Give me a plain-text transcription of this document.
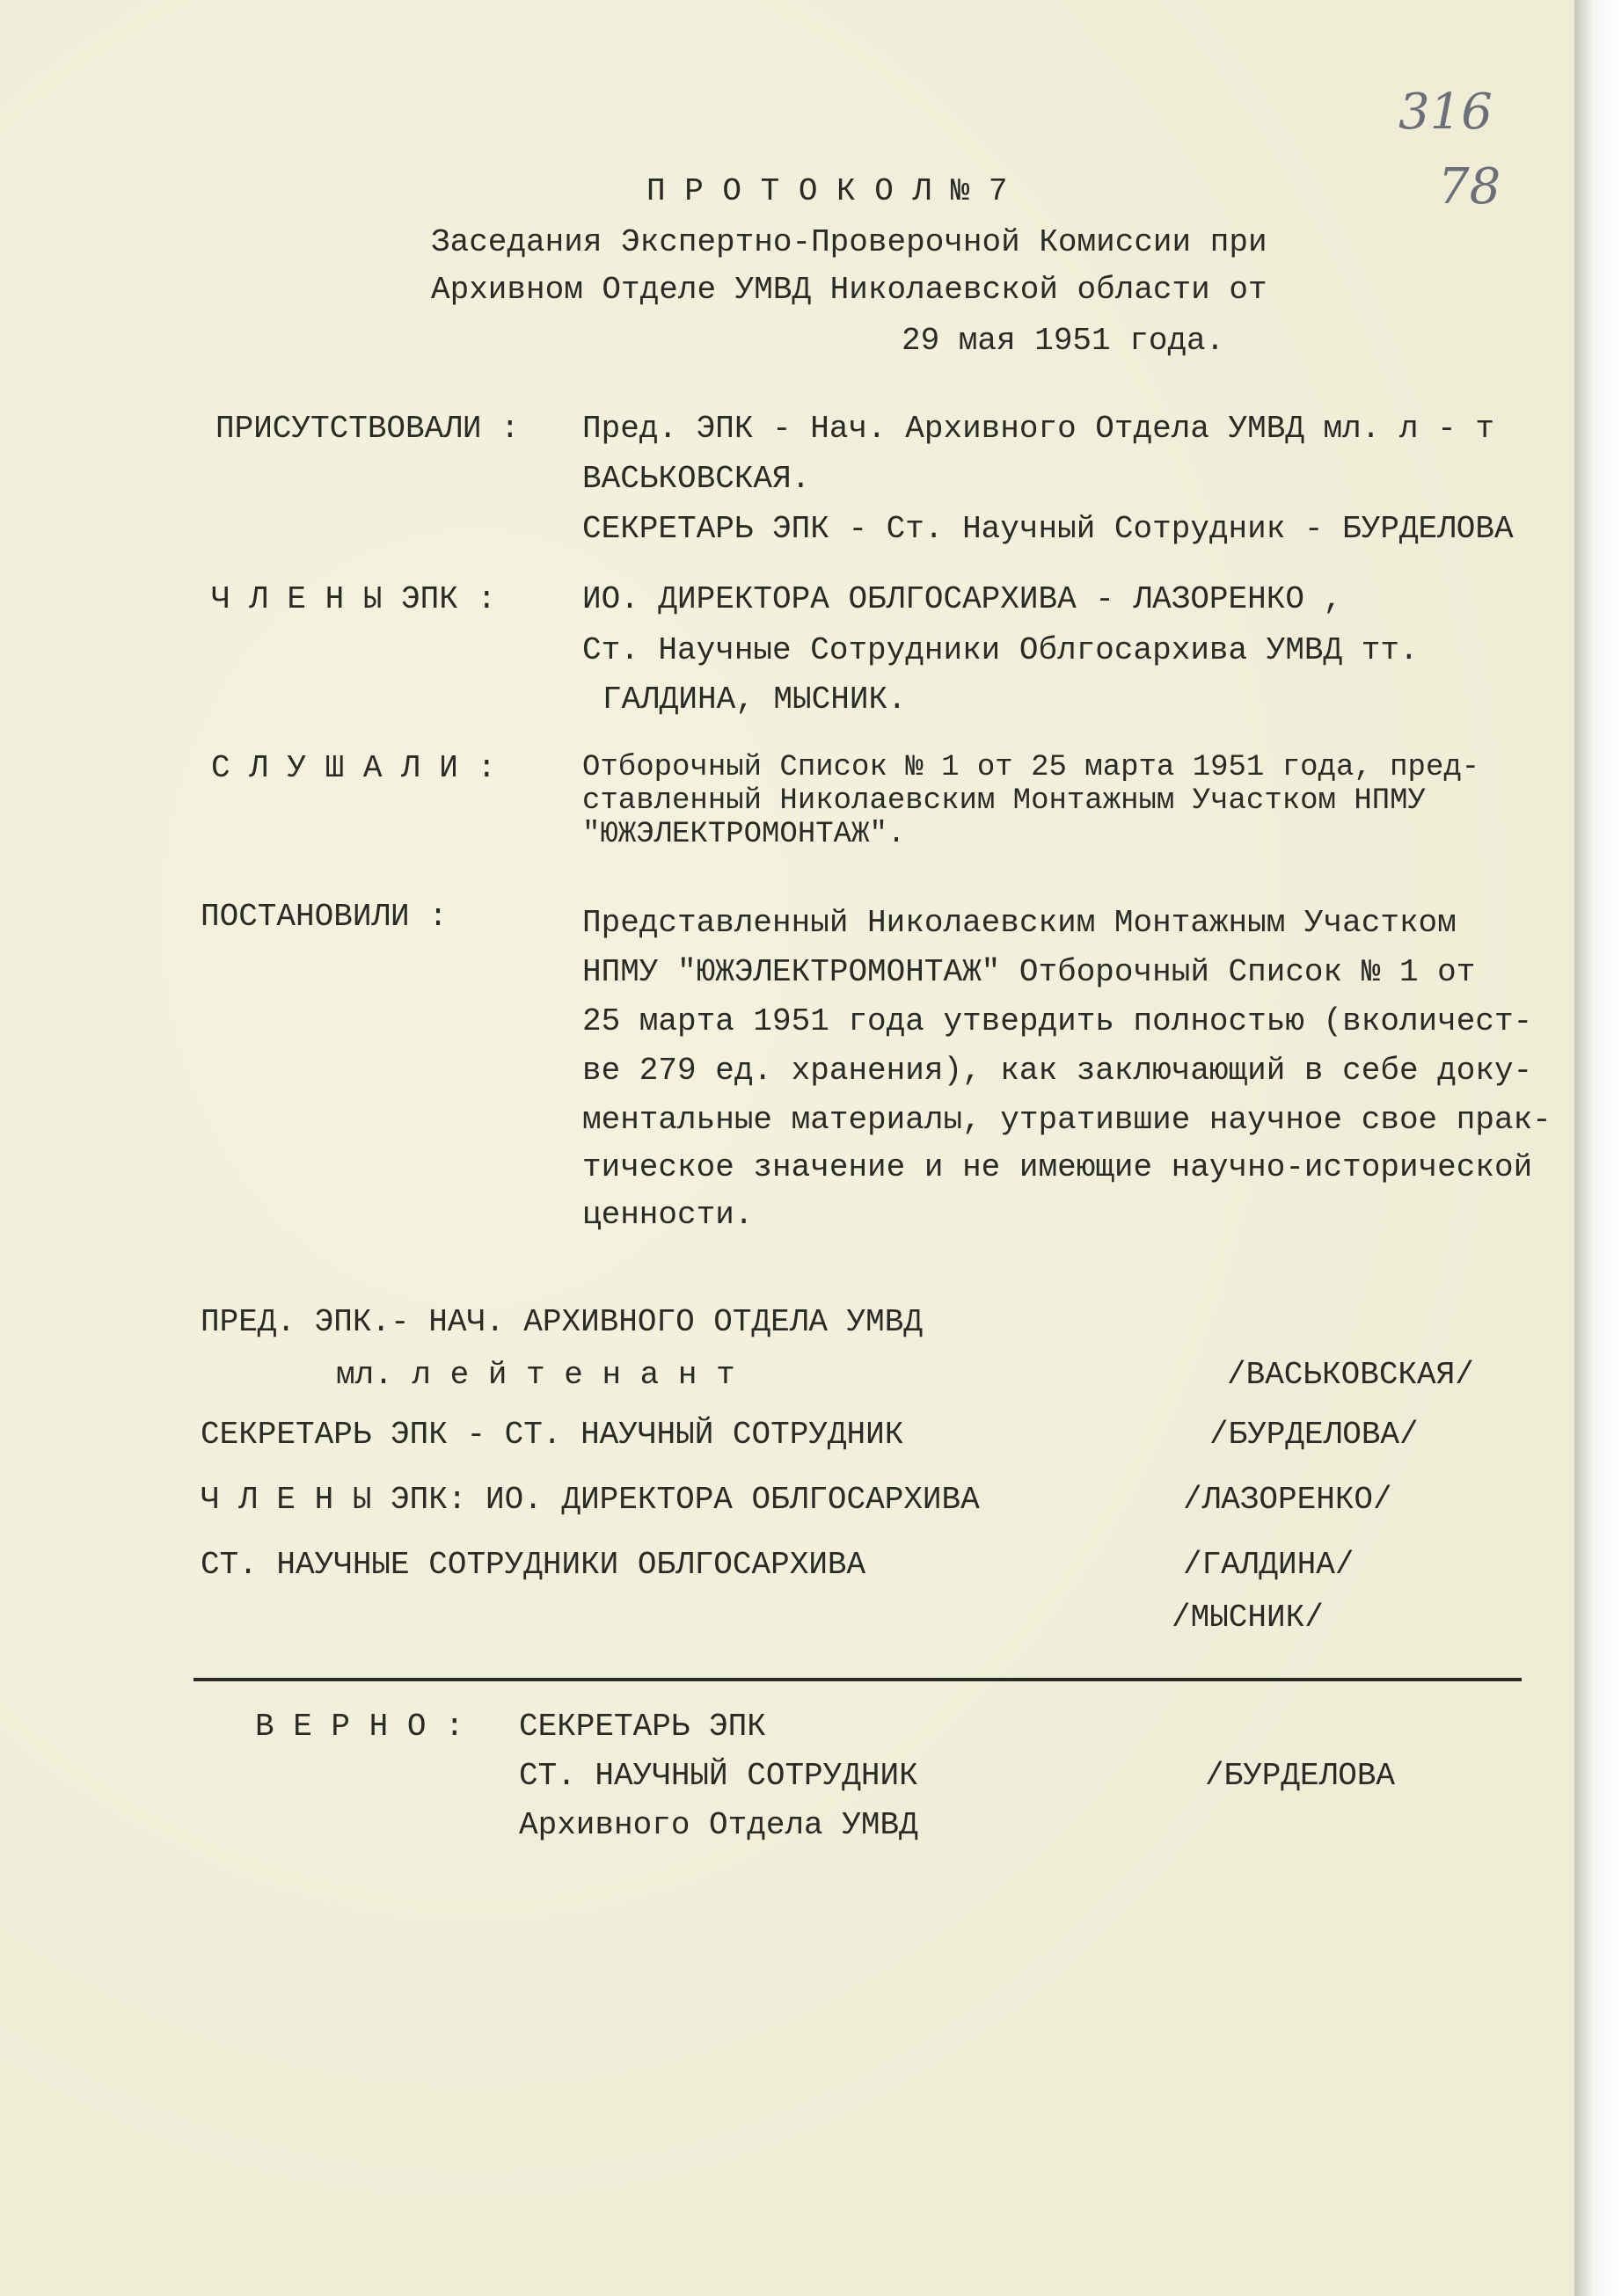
316
78
П Р О Т О К О Л № 7
Заседания Экспертно-Проверочной Комиссии при
Архивном Отделе УМВД Николаевской области от
29 мая 1951 года.
ПРИСУТСТВОВАЛИ : Пред. ЭПК - Нач. Архивного Отдела УМВД мл. л - т
ВАСЬКОВСКАЯ.
СЕКРЕТАРЬ ЭПК - Ст. Научный Сотрудник - БУРДЕЛОВА
Ч Л Е Н Ы ЭПК :	ИО. ДИРЕКТОРА ОБЛГОСАРХИВА - ЛАЗОРЕНКО ,
Ст. Научные Сотрудники Облгосархива УМВД тт.
ГАЛДИНА, МЫСНИК.
С Л У Ш А Л И :	Отборочный Список № 1 от 25 марта 1951 года, пред-
ставленный Николаевским Монтажным Участком НПМУ
"ЮЖЭЛЕКТРОМОНТАЖ".
ПОСТАНОВИЛИ :	Представленный Николаевским Монтажным Участком
НПМУ "ЮЖЭЛЕКТРОМОНТАЖ" Отборочный Список № 1 от
25 марта 1951 года утвердить полностью (вколичест-
ве 279 ед. хранения), как заключающий в себе доку-
ментальные материалы, утратившие научное свое прак-
тическое значение и не имеющие научно-исторической
ценности.
ПРЕД. ЭПК.- НАЧ. АРХИВНОГО ОТДЕЛА УМВД
мл. л е й т е н а н т	/ВАСЬКОВСКАЯ/
СЕКРЕТАРЬ ЭПК - СТ. НАУЧНЫЙ СОТРУДНИК	/БУРДЕЛОВА/
Ч Л Е Н Ы ЭПК: ИО. ДИРЕКТОРА ОБЛГОСАРХИВА	/ЛАЗОРЕНКО/
СТ. НАУЧНЫЕ СОТРУДНИКИ ОБЛГОСАРХИВА	/ГАЛДИНА/
/МЫСНИК/
В Е Р Н О : СЕКРЕТАРЬ ЭПК
СТ. НАУЧНЫЙ СОТРУДНИК	/БУРДЕЛОВА
Архивного Отдела УМВД
